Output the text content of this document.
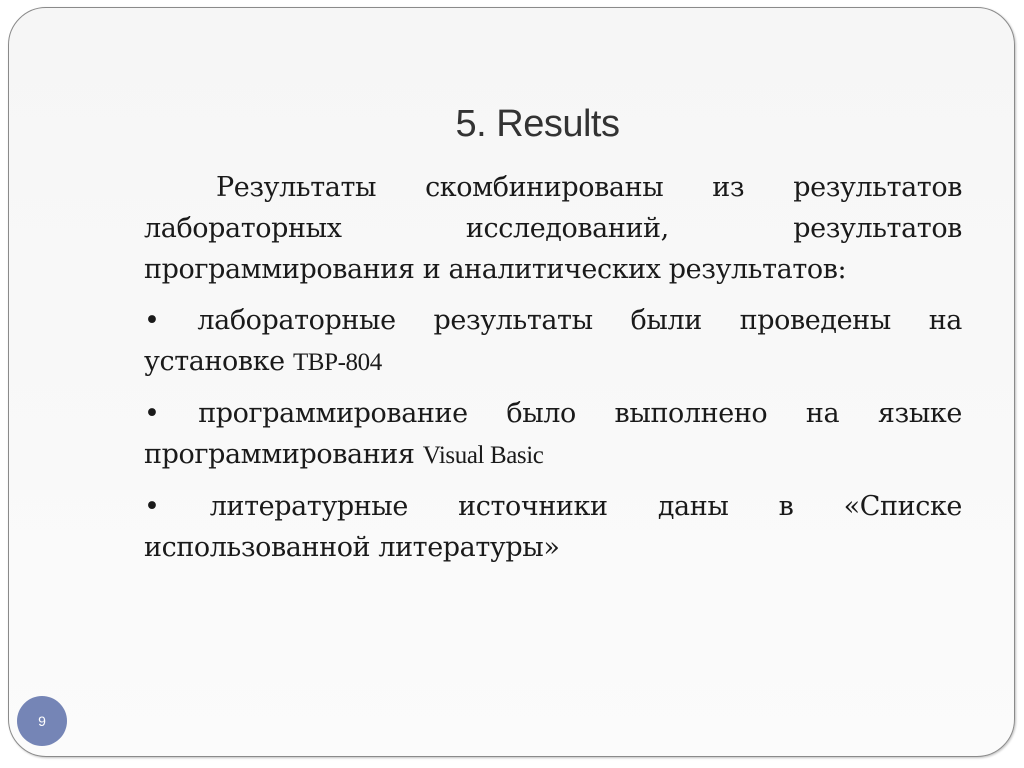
5. Results

Результаты скомбинированы из результатов лабораторных исследований, результатов программирования и аналитических результатов:

• лабораторные результаты были проведены на установке ТВР-804

• программирование было выполнено на языке программирования Visual Basic

• литературные источники даны в «Списке использованной литературы»

9
